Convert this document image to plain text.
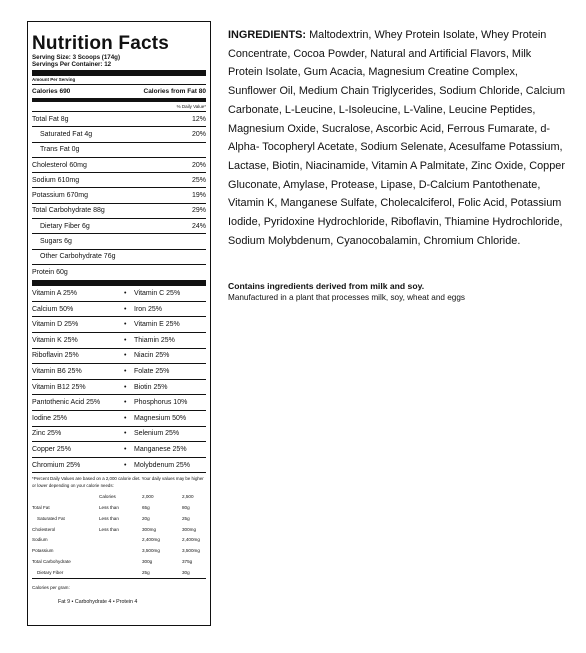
Nutrition Facts
Serving Size: 3 Scoops (174g)
Servings Per Container: 12
Amount Per Serving
Calories 690	Calories from Fat 80
% Daily Value*
Total Fat 8g	12%
Saturated Fat 4g	20%
Trans Fat 0g
Cholesterol 60mg	20%
Sodium 610mg	25%
Potassium 670mg	19%
Total Carbohydrate 88g	29%
Dietary Fiber 6g	24%
Sugars 6g
Other Carbohydrate 76g
Protein 60g
Vitamin A 25%	•	Vitamin C 25%
Calcium 50%	•	Iron 25%
Vitamin D 25%	•	Vitamin E 25%
Vitamin K 25%	•	Thiamin 25%
Riboflavin 25%	•	Niacin 25%
Vitamin B6 25%	•	Folate 25%
Vitamin B12 25%	•	Biotin 25%
Pantothenic Acid 25%	•	Phosphorus 10%
Iodine 25%	•	Magnesium 50%
Zinc 25%	•	Selenium 25%
Copper 25%	•	Manganese 25%
Chromium 25%	•	Molybdenum 25%
*Percent Daily Values are based on a 2,000 calorie diet. Your daily values may be higher or lower depending on your calorie needs:
	Calories	2,000	2,500
Total Fat	Less than	65g	80g
Saturated Fat	Less than	20g	25g
Cholesterol	Less than	300mg	300mg
Sodium		2,400mg	2,400mg
Potassium		3,500mg	3,500mg
Total Carbohydrate		300g	375g
Dietary Fiber		25g	30g
Calories per gram:
Fat 9 • Carbohydrate 4 • Protein 4
INGREDIENTS: Maltodextrin, Whey Protein Isolate, Whey Protein Concentrate, Cocoa Powder, Natural and Artificial Flavors, Milk Protein Isolate, Gum Acacia, Magnesium Creatine Complex, Sunflower Oil, Medium Chain Triglycerides, Sodium Chloride, Calcium Carbonate, L-Leucine, L-Isoleucine, L-Valine, Leucine Peptides, Magnesium Oxide, Sucralose, Ascorbic Acid, Ferrous Fumarate, d-Alpha- Tocopheryl Acetate, Sodium Selenate, Acesulfame Potassium, Lactase, Biotin, Niacinamide, Vitamin A Palmitate, Zinc Oxide, Copper Gluconate, Amylase, Protease, Lipase, D-Calcium Pantothenate, Vitamin K, Manganese Sulfate, Cholecalciferol, Folic Acid, Potassium Iodide, Pyridoxine Hydrochloride, Riboflavin, Thiamine Hydrochloride, Sodium Molybdenum, Cyanocobalamin, Chromium Chloride.
Contains ingredients derived from milk and soy.
Manufactured in a plant that processes milk, soy, wheat and eggs
